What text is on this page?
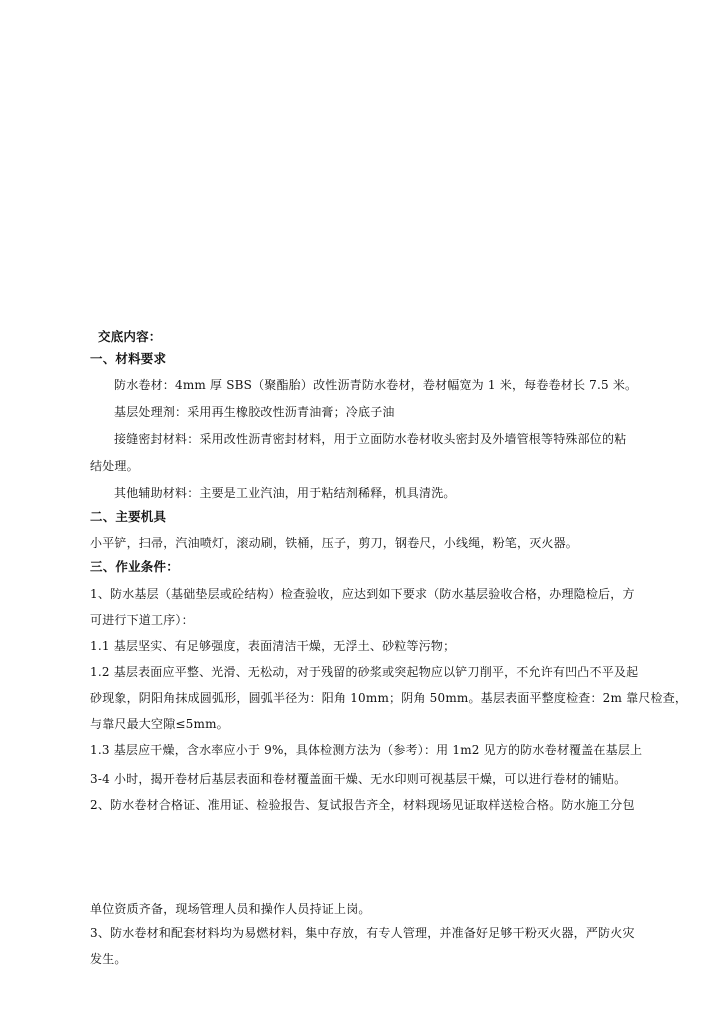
交底内容：
一、材料要求
防水卷材：4mm 厚 SBS（聚酯胎）改性沥青防水卷材，卷材幅宽为 1 米，每卷卷材长 7.5 米。
基层处理剂：采用再生橡胶改性沥青油膏；冷底子油
接缝密封材料：采用改性沥青密封材料，用于立面防水卷材收头密封及外墙管根等特殊部位的粘
结处理。
其他辅助材料：主要是工业汽油，用于粘结剂稀释，机具清洗。
二、主要机具
小平铲，扫帚，汽油喷灯，滚动刷，铁桶，压子，剪刀，钢卷尺，小线绳，粉笔，灭火器。
三、作业条件：
1、防水基层（基础垫层或砼结构）检查验收，应达到如下要求（防水基层验收合格，办理隐检后，方
可进行下道工序）：
1.1 基层坚实、有足够强度，表面清洁干燥，无浮土、砂粒等污物；
1.2 基层表面应平整、光滑、无松动，对于残留的砂浆或突起物应以铲刀削平，不允许有凹凸不平及起
砂现象，阴阳角抹成圆弧形，圆弧半径为：阳角 10mm；阴角 50mm。基层表面平整度检查：2m 靠尺检查，
与靠尺最大空隙≤5mm。
1.3 基层应干燥，含水率应小于 9%，具体检测方法为（参考）：用 1m2 见方的防水卷材覆盖在基层上
3-4 小时，揭开卷材后基层表面和卷材覆盖面干燥、无水印则可视基层干燥，可以进行卷材的铺贴。
2、防水卷材合格证、准用证、检验报告、复试报告齐全，材料现场见证取样送检合格。防水施工分包
单位资质齐备，现场管理人员和操作人员持证上岗。
3、防水卷材和配套材料均为易燃材料，集中存放，有专人管理，并准备好足够干粉灭火器，严防火灾
发生。
